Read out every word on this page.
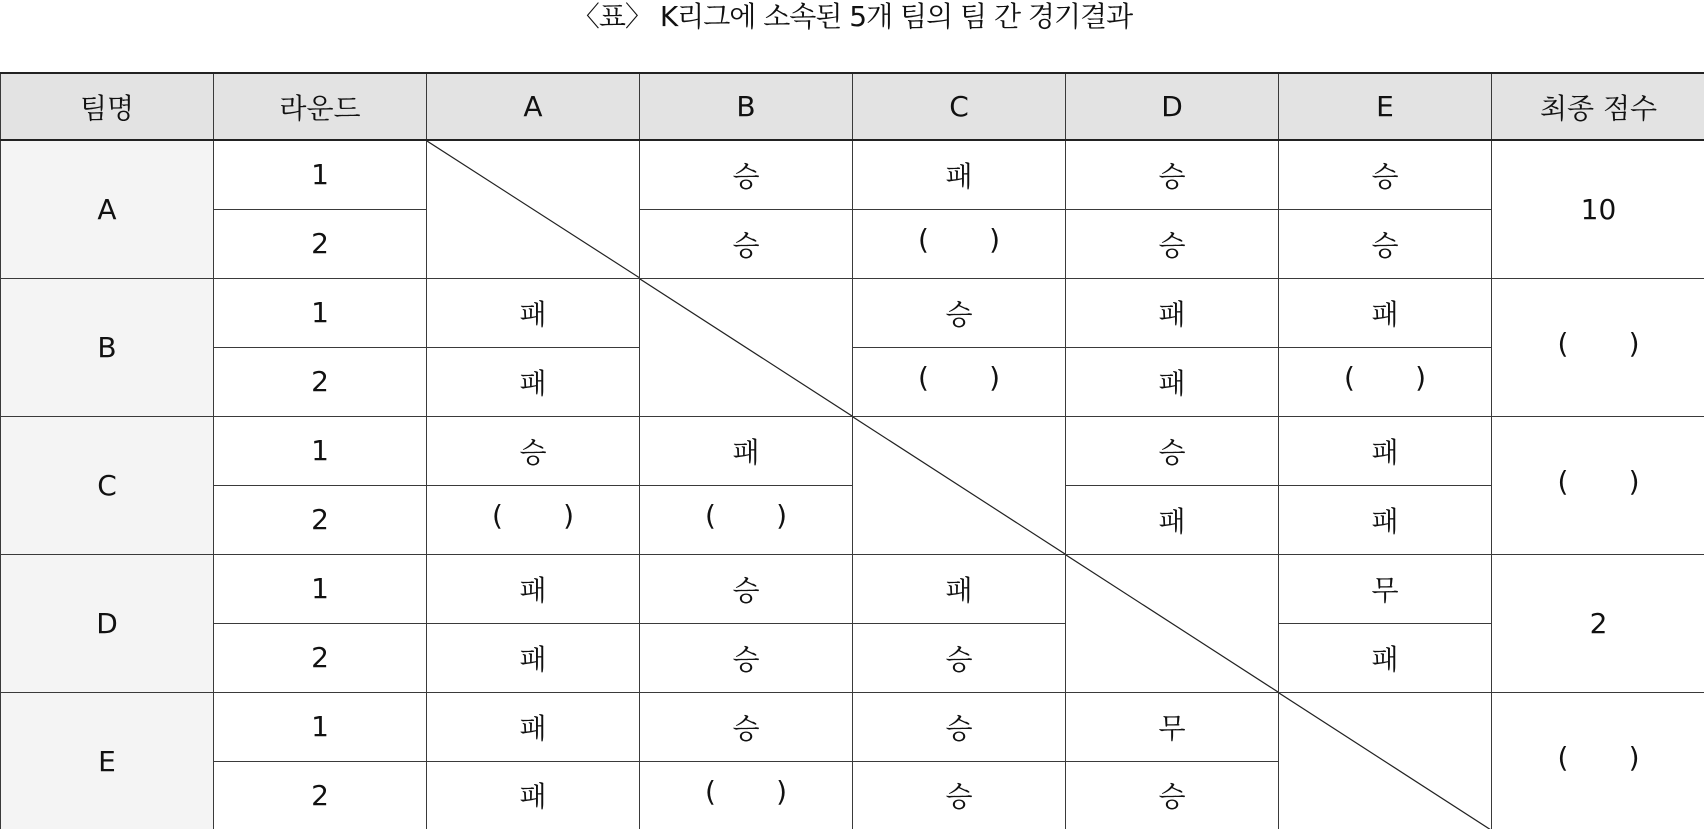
〈표〉 K리그에 소속된 5개 팀의 팀 간 경기결과
팀명	라운드	A	B	C	D	E	최종 점수
A	1		승	패	승	승	10
	2		승	( )	승	승	
B	1	패		승	패	패	( )

	2	패		( )	패	( )	

C	1	승	패		승	패	( )

	2	( )	( )		패	패	
D	1	패	승	패		무	2
	2	패	승	승		패	
E	1	패	승	승	무		( )

	2	패	( )	승	승		
